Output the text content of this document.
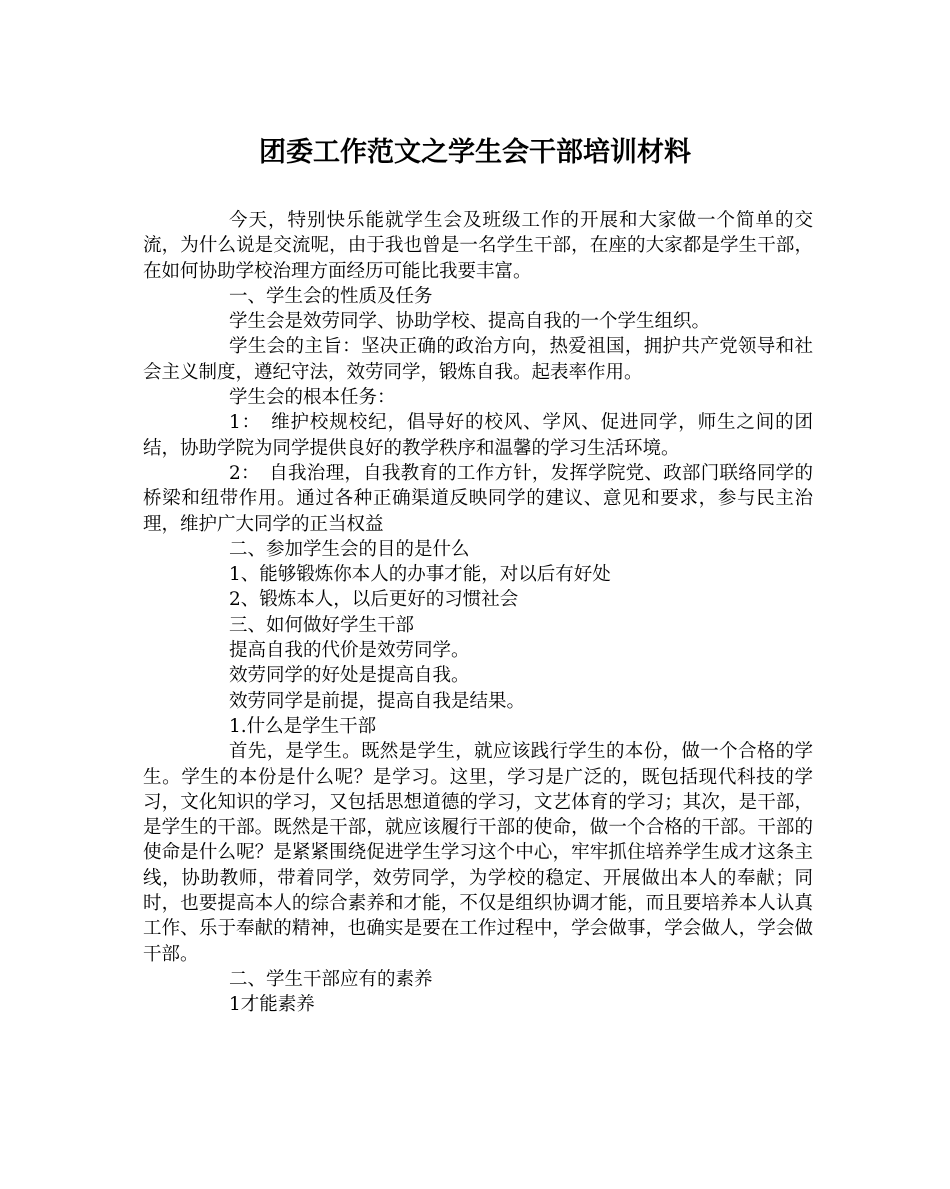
团委工作范文之学生会干部培训材料

今天，特别快乐能就学生会及班级工作的开展和大家做一个简单的交流，为什么说是交流呢，由于我也曾是一名学生干部，在座的大家都是学生干部，在如何协助学校治理方面经历可能比我要丰富。

一、学生会的性质及任务

学生会是效劳同学、协助学校、提高自我的一个学生组织。

学生会的主旨：坚决正确的政治方向，热爱祖国，拥护共产党领导和社会主义制度，遵纪守法，效劳同学，锻炼自我。起表率作用。

学生会的根本任务：

1：　维护校规校纪，倡导好的校风、学风、促进同学，师生之间的团结，协助学院为同学提供良好的教学秩序和温馨的学习生活环境。

2：　自我治理，自我教育的工作方针，发挥学院党、政部门联络同学的桥梁和纽带作用。通过各种正确渠道反映同学的建议、意见和要求，参与民主治理，维护广大同学的正当权益

二、参加学生会的目的是什么

1、能够锻炼你本人的办事才能，对以后有好处

2、锻炼本人，以后更好的习惯社会

三、如何做好学生干部

提高自我的代价是效劳同学。

效劳同学的好处是提高自我。

效劳同学是前提，提高自我是结果。

1.什么是学生干部

首先，是学生。既然是学生，就应该践行学生的本份，做一个合格的学生。学生的本份是什么呢？是学习。这里，学习是广泛的，既包括现代科技的学习，文化知识的学习，又包括思想道德的学习，文艺体育的学习；其次，是干部，是学生的干部。既然是干部，就应该履行干部的使命，做一个合格的干部。干部的使命是什么呢？是紧紧围绕促进学生学习这个中心，牢牢抓住培养学生成才这条主线，协助教师，带着同学，效劳同学，为学校的稳定、开展做出本人的奉献；同时，也要提高本人的综合素养和才能，不仅是组织协调才能，而且要培养本人认真工作、乐于奉献的精神，也确实是要在工作过程中，学会做事，学会做人，学会做干部。

二、学生干部应有的素养

1才能素养
